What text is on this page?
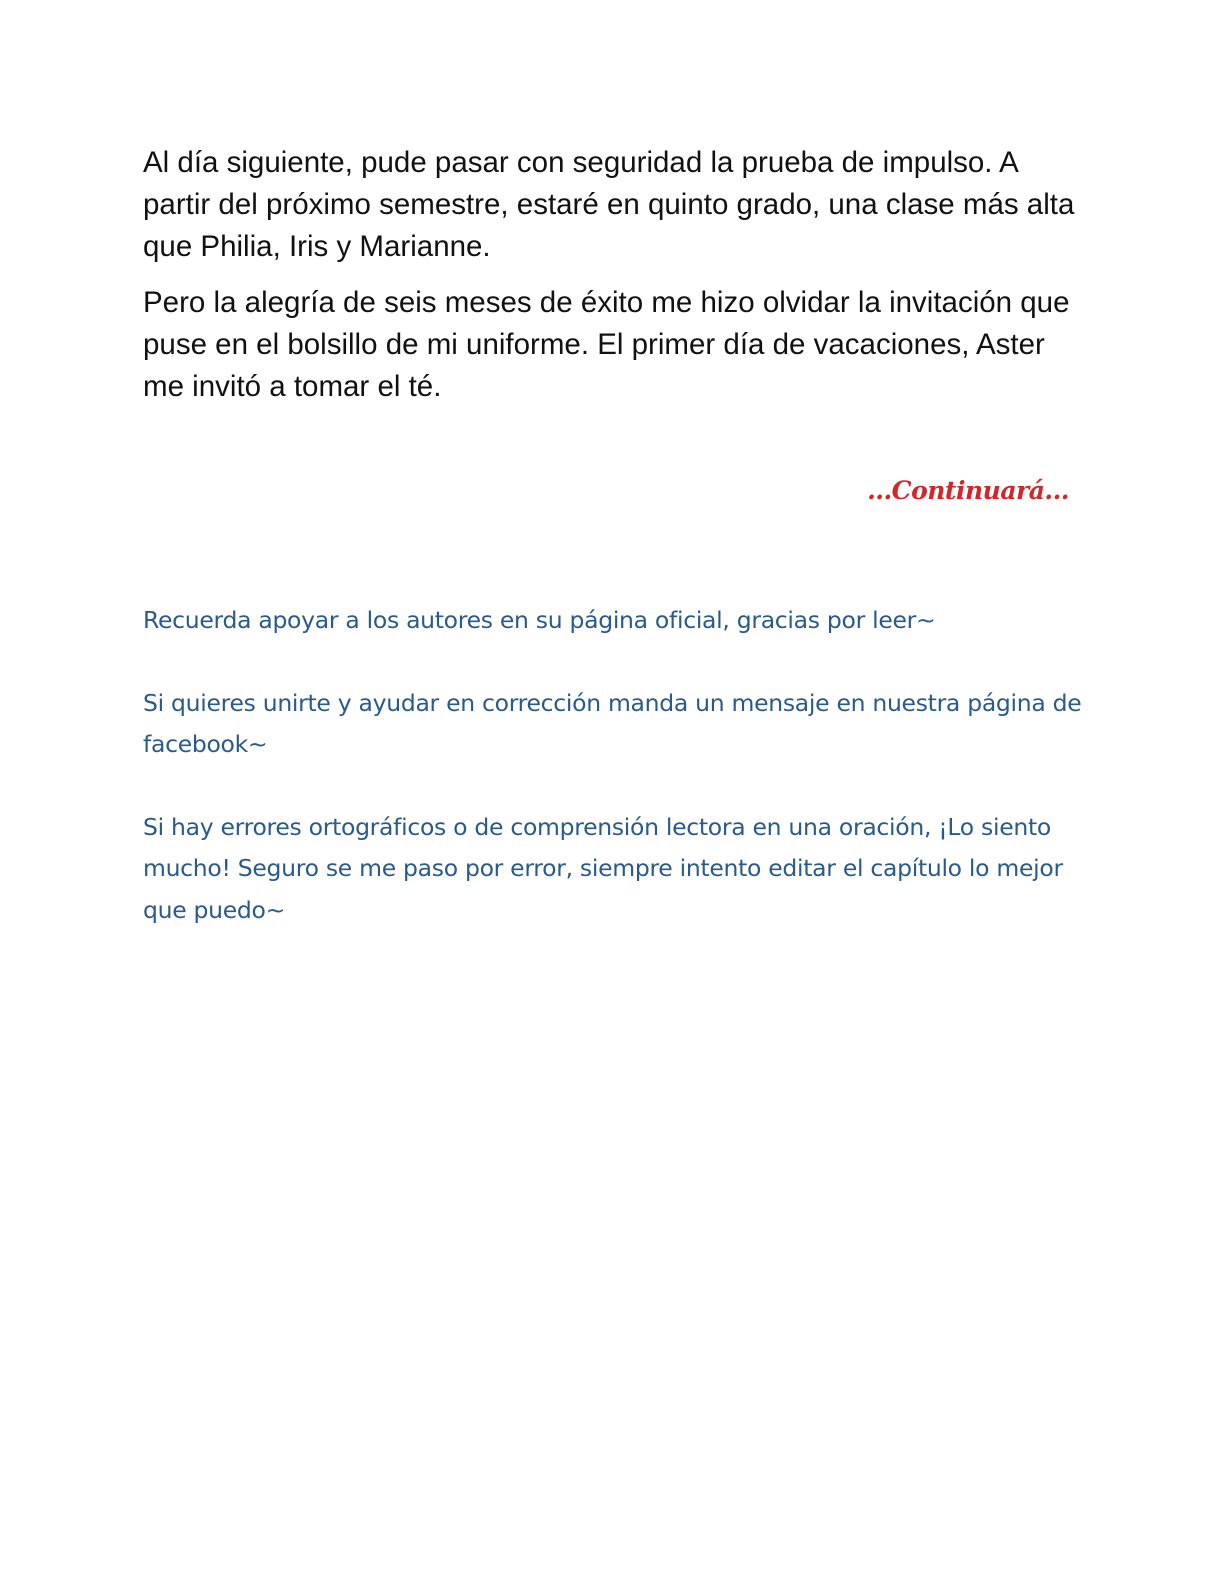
Al día siguiente, pude pasar con seguridad la prueba de impulso. A partir del próximo semestre, estaré en quinto grado, una clase más alta que Philia, Iris y Marianne.

Pero la alegría de seis meses de éxito me hizo olvidar la invitación que puse en el bolsillo de mi uniforme. El primer día de vacaciones, Aster me invitó a tomar el té.

...Continuará...

Recuerda apoyar a los autores en su página oficial, gracias por leer~

Si quieres unirte y ayudar en corrección manda un mensaje en nuestra página de facebook~

Si hay errores ortográficos o de comprensión lectora en una oración, ¡Lo siento mucho! Seguro se me paso por error, siempre intento editar el capítulo lo mejor que puedo~
